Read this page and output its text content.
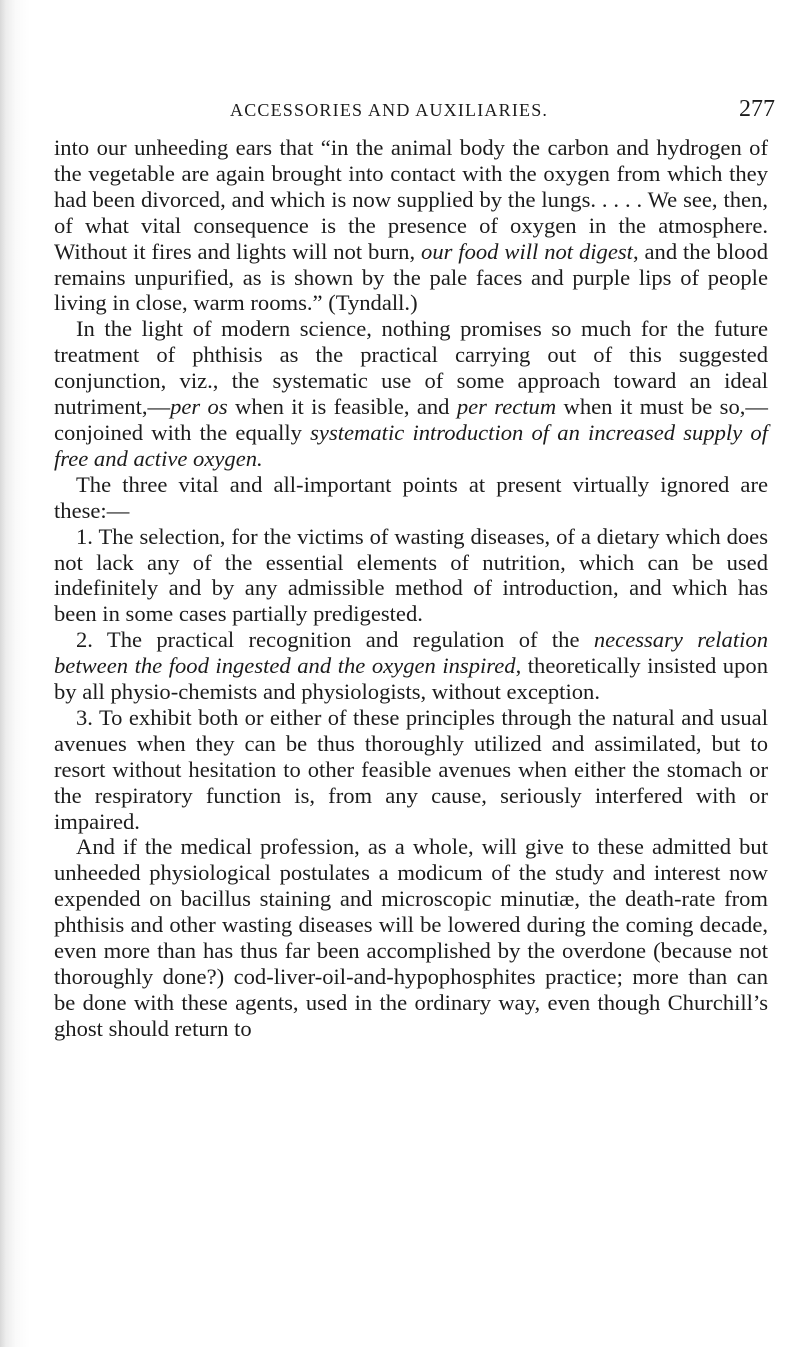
ACCESSORIES AND AUXILIARIES.	277

into our unheeding ears that “in the animal body the carbon and hydrogen of the vegetable are again brought into contact with the oxygen from which they had been divorced, and which is now supplied by the lungs. . . . . We see, then, of what vital consequence is the presence of oxygen in the atmosphere. Without it fires and lights will not burn, our food will not digest, and the blood remains unpurified, as is shown by the pale faces and purple lips of people living in close, warm rooms.” (Tyndall.)

In the light of modern science, nothing promises so much for the future treatment of phthisis as the practical carrying out of this suggested conjunction, viz., the systematic use of some approach toward an ideal nutriment,—per os when it is feasible, and per rectum when it must be so,—conjoined with the equally systematic introduction of an increased supply of free and active oxygen.

The three vital and all-important points at present virtually ignored are these:—

1. The selection, for the victims of wasting diseases, of a dietary which does not lack any of the essential elements of nutrition, which can be used indefinitely and by any admissible method of introduction, and which has been in some cases partially predigested.

2. The practical recognition and regulation of the necessary relation between the food ingested and the oxygen inspired, theoretically insisted upon by all physio-chemists and physiologists, without exception.

3. To exhibit both or either of these principles through the natural and usual avenues when they can be thus thoroughly utilized and assimilated, but to resort without hesitation to other feasible avenues when either the stomach or the respiratory function is, from any cause, seriously interfered with or impaired.

And if the medical profession, as a whole, will give to these admitted but unheeded physiological postulates a modicum of the study and interest now expended on bacillus staining and microscopic minutiæ, the death-rate from phthisis and other wasting diseases will be lowered during the coming decade, even more than has thus far been accomplished by the overdone (because not thoroughly done?) cod-liver-oil-and-hypophosphites practice; more than can be done with these agents, used in the ordinary way, even though Churchill’s ghost should return to
